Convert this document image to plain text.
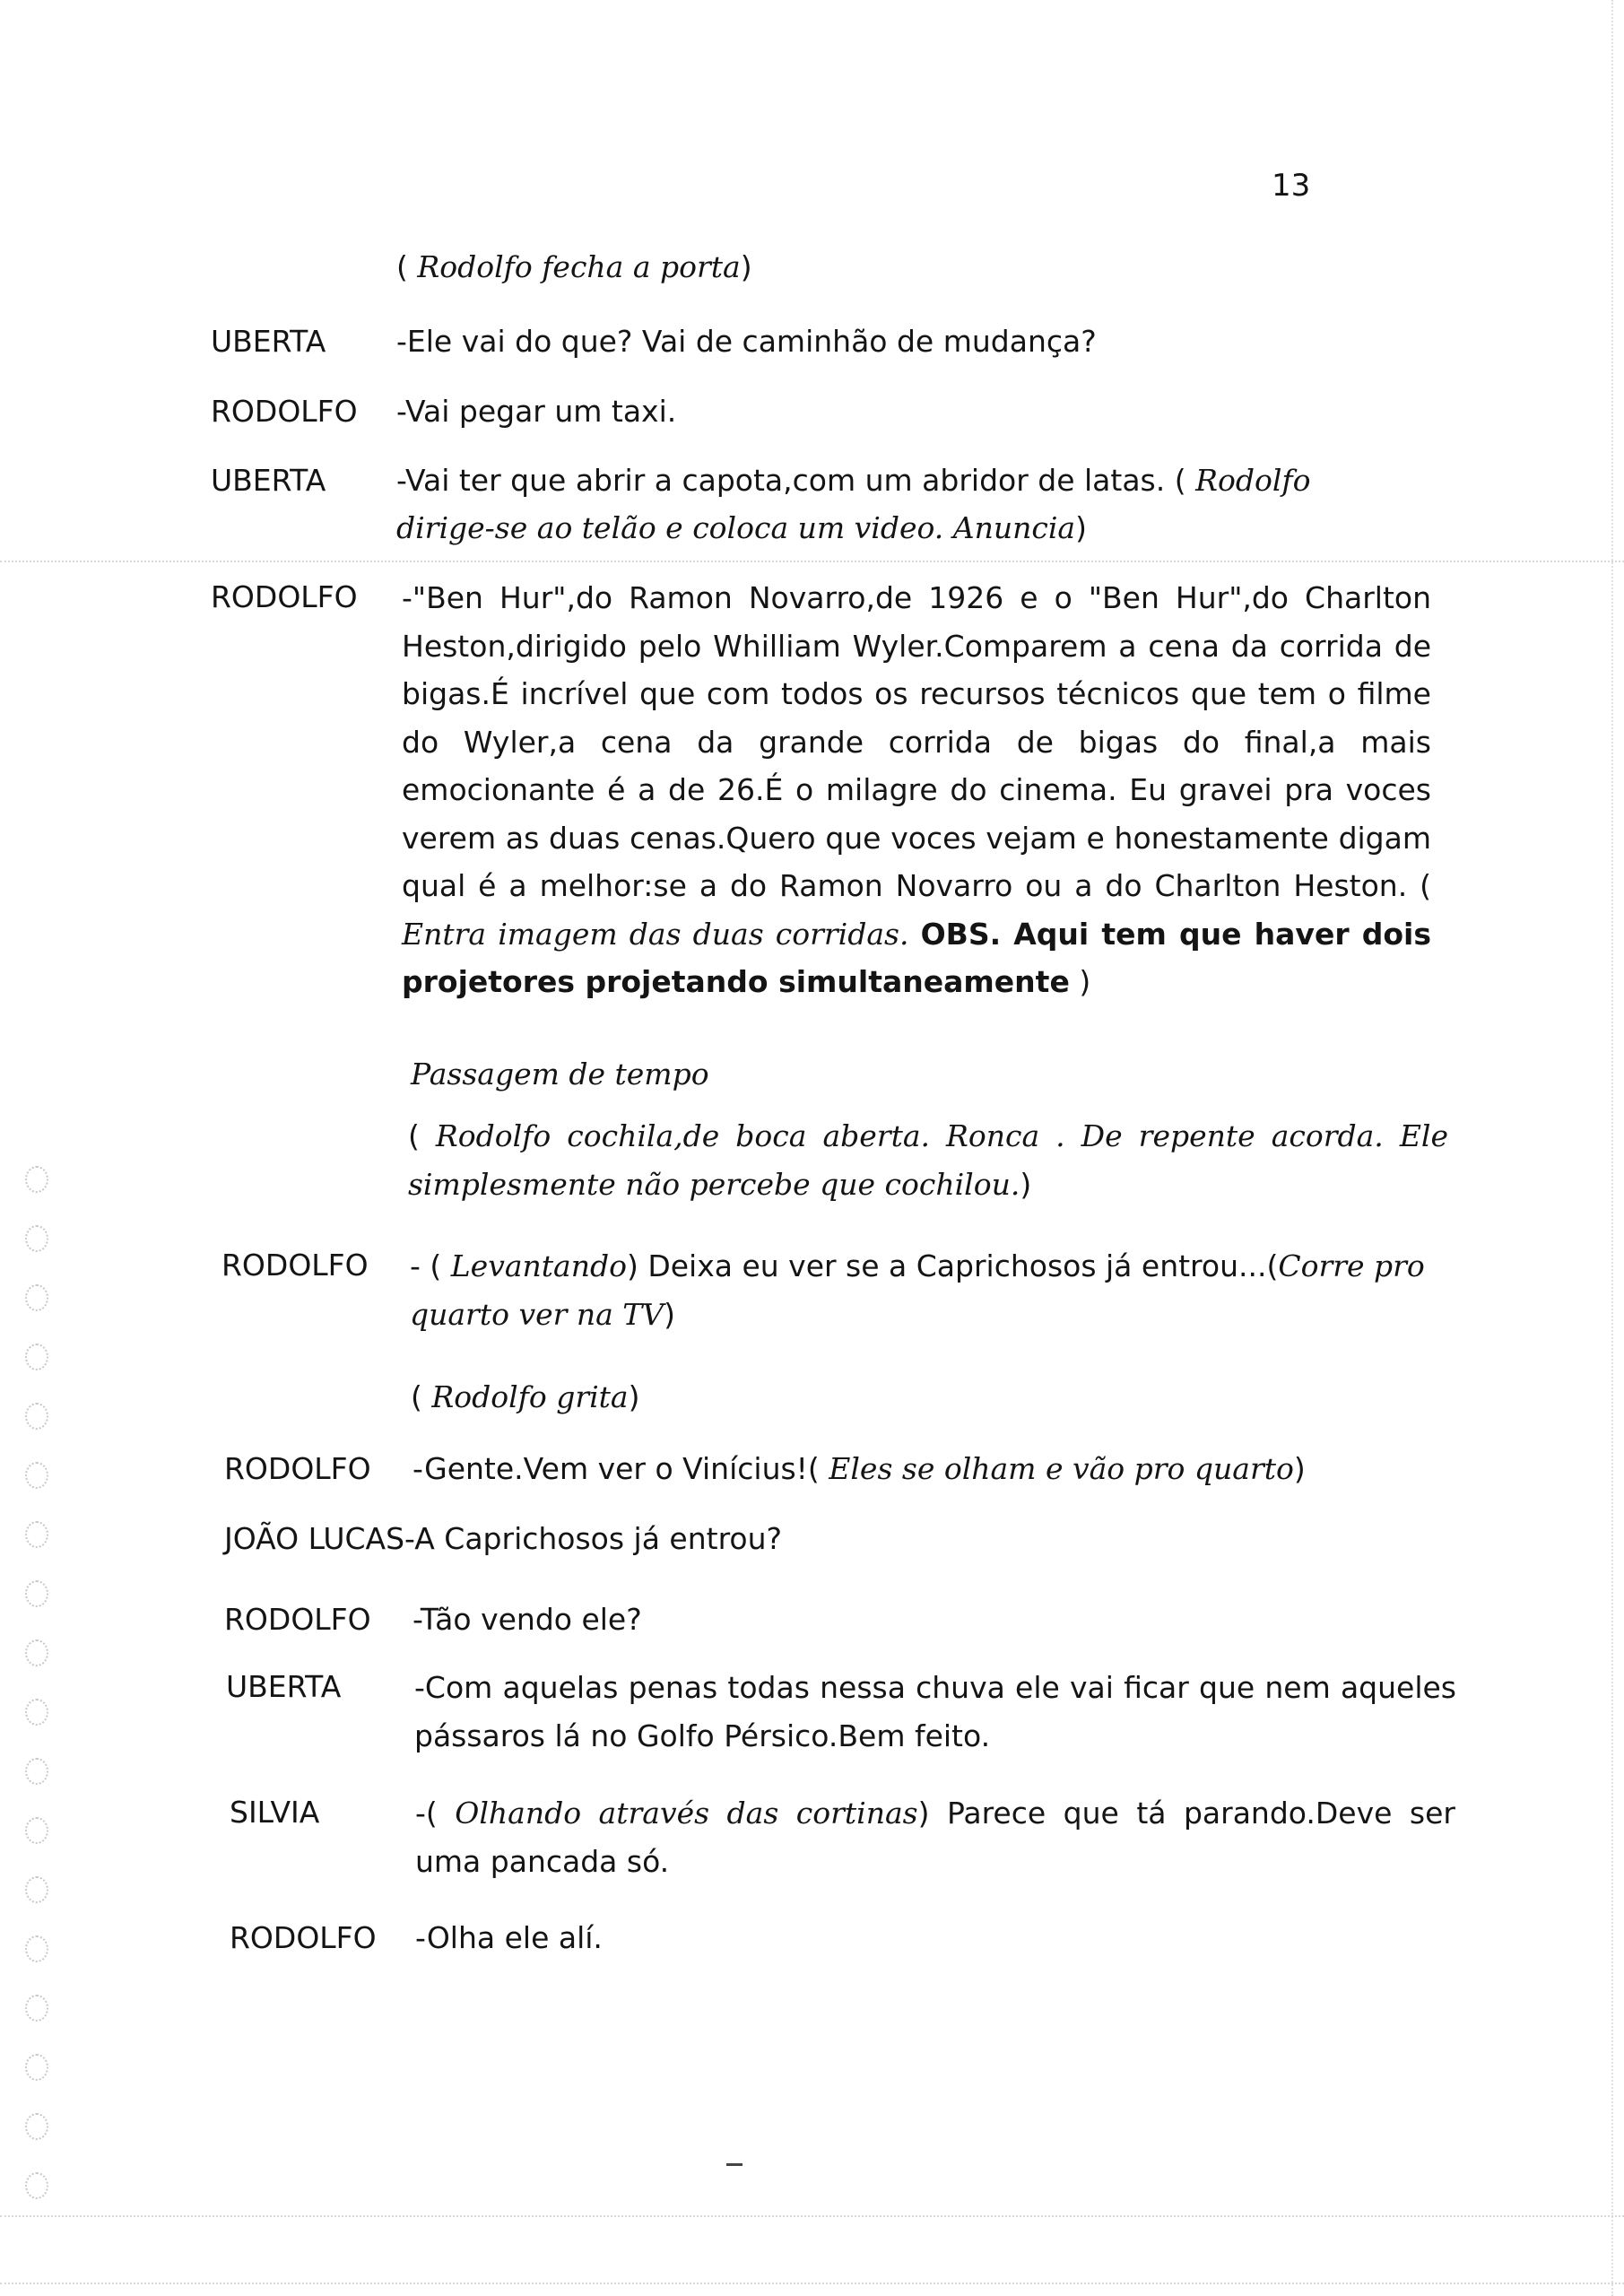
13
( Rodolfo fecha a porta)
UBERTA -Ele vai do que? Vai de caminhão de mudança?
RODOLFO -Vai pegar um taxi.
UBERTA -Vai ter que abrir a capota,com um abridor de latas. ( Rodolfo
dirige-se ao telão e coloca um video. Anuncia)
RODOLFO -"Ben Hur",do Ramon Novarro,de 1926 e o "Ben Hur",do Charlton Heston,dirigido pelo Whilliam Wyler.Comparem a cena da corrida de bigas.É incrível que com todos os recursos técnicos que tem o filme do Wyler,a cena da grande corrida de bigas do final,a mais emocionante é a de 26.É o milagre do cinema. Eu gravei pra voces verem as duas cenas.Quero que voces vejam e honestamente digam qual é a melhor:se a do Ramon Novarro ou a do Charlton Heston. ( Entra imagem das duas corridas. OBS. Aqui tem que haver dois projetores projetando simultaneamente )
Passagem de tempo
( Rodolfo cochila,de boca aberta. Ronca . De repente acorda. Ele simplesmente não percebe que cochilou.)
RODOLFO - ( Levantando) Deixa eu ver se a Caprichosos já entrou...(Corre pro quarto ver na TV)
( Rodolfo grita)
RODOLFO -Gente.Vem ver o Vinícius!( Eles se olham e vão pro quarto)
JOÃO LUCAS-A Caprichosos já entrou?
RODOLFO -Tão vendo ele?
UBERTA -Com aquelas penas todas nessa chuva ele vai ficar que nem aqueles pássaros lá no Golfo Pérsico.Bem feito.
SILVIA	-( Olhando através das cortinas) Parece que tá parando.Deve ser uma pancada só.
RODOLFO -Olha ele alí.
